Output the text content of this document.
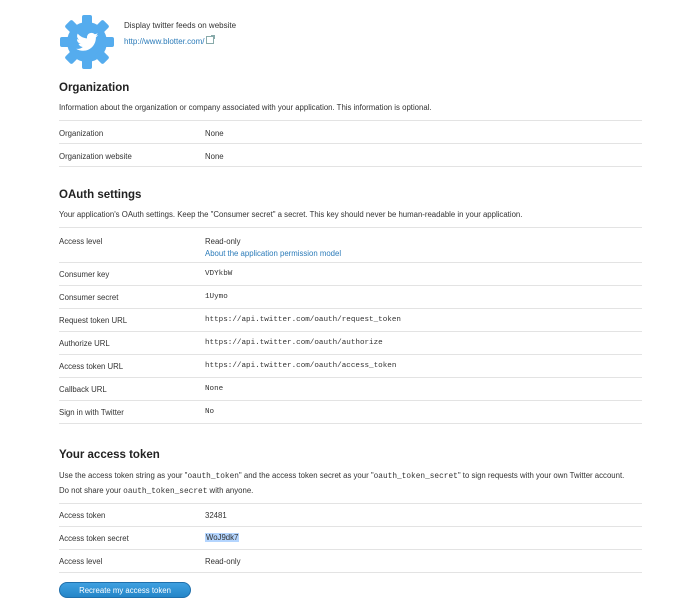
Display twitter feeds on website
http://www.blotter.com/
Organization
Information about the organization or company associated with your application. This information is optional.
Organization	None
Organization website	None
OAuth settings
Your application's OAuth settings. Keep the "Consumer secret" a secret. This key should never be human-readable in your application.
Access level	Read-only
About the application permission model
Consumer key	VDYkbW
Consumer secret	1Uymo
Request token URL	https://api.twitter.com/oauth/request_token
Authorize URL	https://api.twitter.com/oauth/authorize
Access token URL	https://api.twitter.com/oauth/access_token
Callback URL	None
Sign in with Twitter	No
Your access token
Use the access token string as your "oauth_token" and the access token secret as your "oauth_token_secret" to sign requests with your own Twitter account.
Do not share your oauth_token_secret with anyone.
Access token	32481
Access token secret	WoJ9dk7
Access level	Read-only
Recreate my access token
